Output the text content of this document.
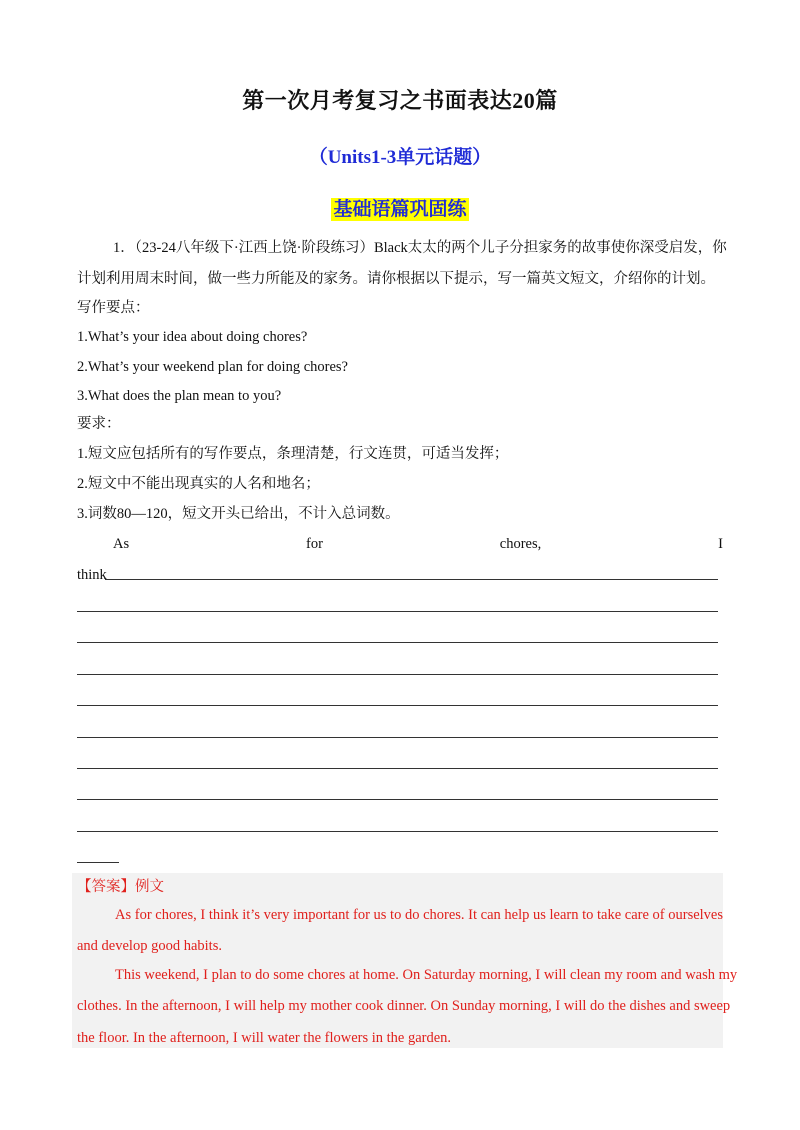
第一次月考复习之书面表达20篇
（Units1-3单元话题）
基础语篇巩固练
1．（23-24八年级下·江西上饶·阶段练习）Black太太的两个儿子分担家务的故事使你深受启发，你
计划利用周末时间，做一些力所能及的家务。请你根据以下提示，写一篇英文短文，介绍你的计划。
写作要点：
1.What’s your idea about doing chores?
2.What’s your weekend plan for doing chores?
3.What does the plan mean to you?
要求：
1.短文应包括所有的写作要点，条理清楚，行文连贯，可适当发挥；
2.短文中不能出现真实的人名和地名；
3.词数80—120，短文开头已给出，不计入总词数。
As	for	chores,	I
think
【答案】例文
As for chores, I think it’s very important for us to do chores. It can help us learn to take care of ourselves
and develop good habits.
This weekend, I plan to do some chores at home. On Saturday morning, I will clean my room and wash my
clothes. In the afternoon, I will help my mother cook dinner. On Sunday morning, I will do the dishes and sweep
the floor. In the afternoon, I will water the flowers in the garden.
